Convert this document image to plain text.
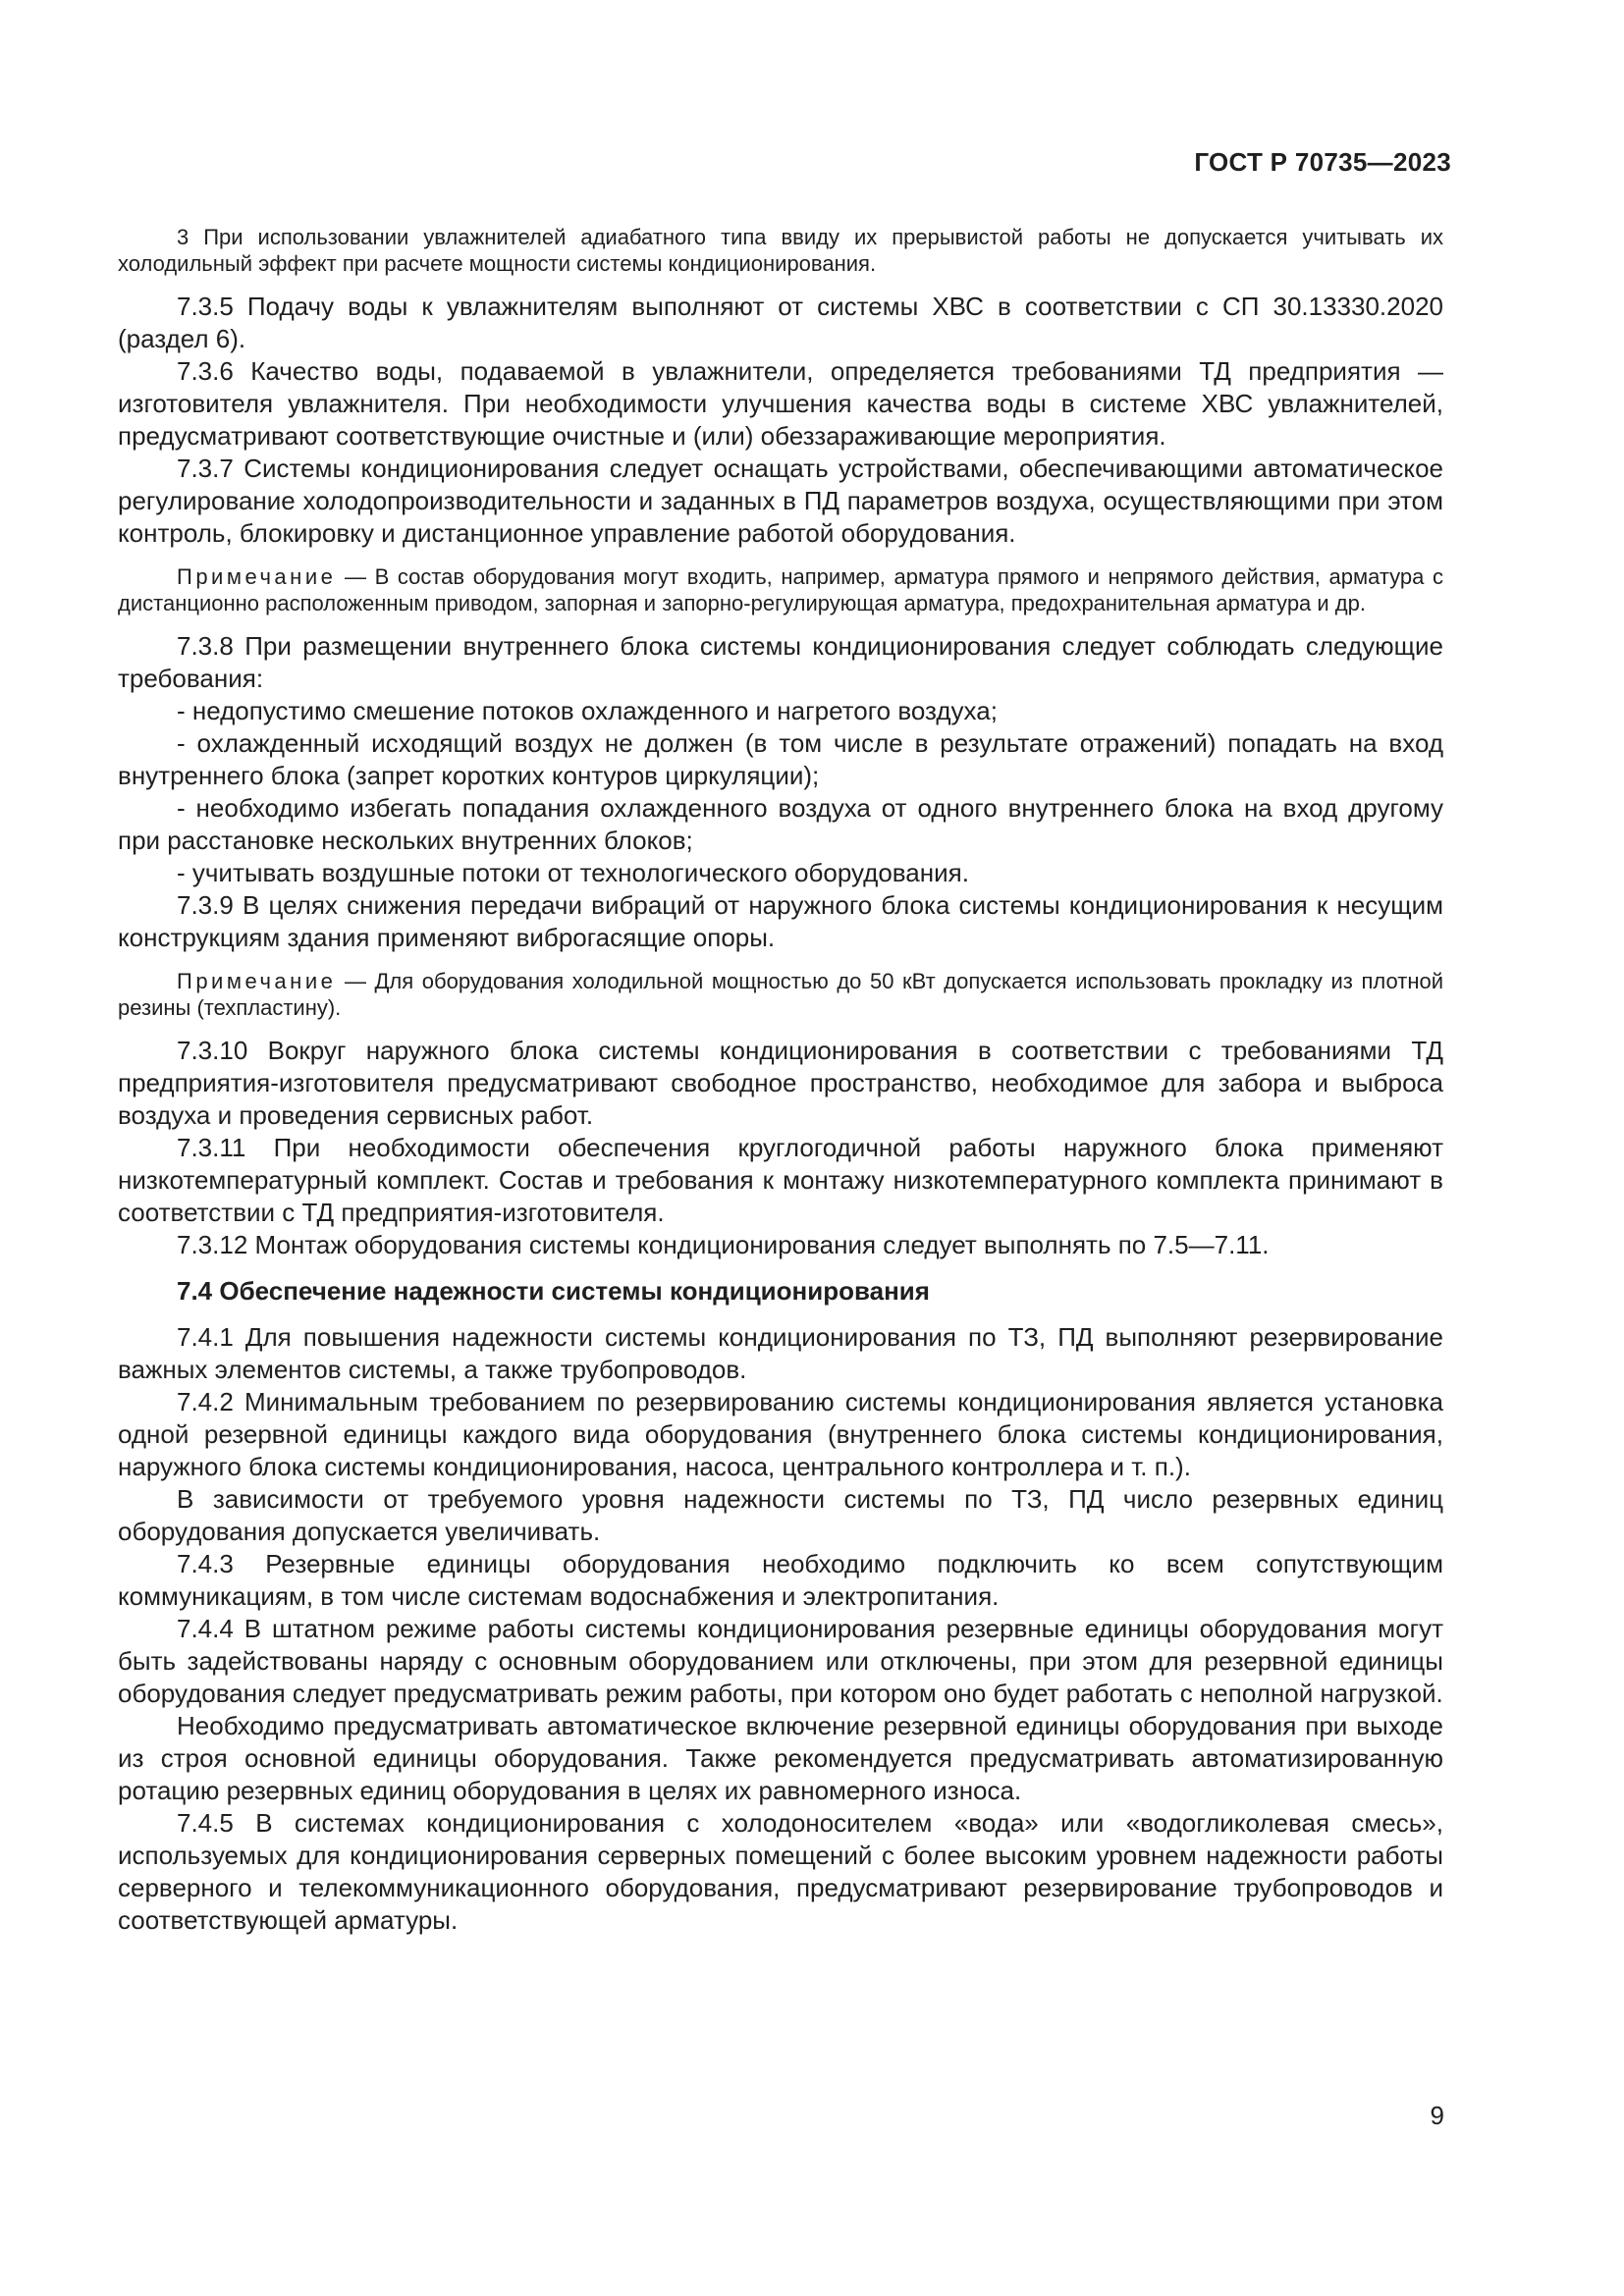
ГОСТ Р 70735—2023

3 При использовании увлажнителей адиабатного типа ввиду их прерывистой работы не допускается учитывать их холодильный эффект при расчете мощности системы кондиционирования.

7.3.5 Подачу воды к увлажнителям выполняют от системы ХВС в соответствии с СП 30.13330.2020 (раздел 6).

7.3.6 Качество воды, подаваемой в увлажнители, определяется требованиями ТД предприятия — изготовителя увлажнителя. При необходимости улучшения качества воды в системе ХВС увлажнителей, предусматривают соответствующие очистные и (или) обеззараживающие мероприятия.

7.3.7 Системы кондиционирования следует оснащать устройствами, обеспечивающими автоматическое регулирование холодопроизводительности и заданных в ПД параметров воздуха, осуществляющими при этом контроль, блокировку и дистанционное управление работой оборудования.

Примечание — В состав оборудования могут входить, например, арматура прямого и непрямого действия, арматура с дистанционно расположенным приводом, запорная и запорно-регулирующая арматура, предохранительная арматура и др.

7.3.8 При размещении внутреннего блока системы кондиционирования следует соблюдать следующие требования:

- недопустимо смешение потоков охлажденного и нагретого воздуха;

- охлажденный исходящий воздух не должен (в том числе в результате отражений) попадать на вход внутреннего блока (запрет коротких контуров циркуляции);

- необходимо избегать попадания охлажденного воздуха от одного внутреннего блока на вход другому при расстановке нескольких внутренних блоков;

- учитывать воздушные потоки от технологического оборудования.

7.3.9 В целях снижения передачи вибраций от наружного блока системы кондиционирования к несущим конструкциям здания применяют виброгасящие опоры.

Примечание — Для оборудования холодильной мощностью до 50 кВт допускается использовать прокладку из плотной резины (техпластину).

7.3.10 Вокруг наружного блока системы кондиционирования в соответствии с требованиями ТД предприятия-изготовителя предусматривают свободное пространство, необходимое для забора и выброса воздуха и проведения сервисных работ.

7.3.11 При необходимости обеспечения круглогодичной работы наружного блока применяют низкотемпературный комплект. Состав и требования к монтажу низкотемпературного комплекта принимают в соответствии с ТД предприятия-изготовителя.

7.3.12 Монтаж оборудования системы кондиционирования следует выполнять по 7.5—7.11.

7.4 Обеспечение надежности системы кондиционирования

7.4.1 Для повышения надежности системы кондиционирования по ТЗ, ПД выполняют резервирование важных элементов системы, а также трубопроводов.

7.4.2 Минимальным требованием по резервированию системы кондиционирования является установка одной резервной единицы каждого вида оборудования (внутреннего блока системы кондиционирования, наружного блока системы кондиционирования, насоса, центрального контроллера и т. п.).

В зависимости от требуемого уровня надежности системы по ТЗ, ПД число резервных единиц оборудования допускается увеличивать.

7.4.3 Резервные единицы оборудования необходимо подключить ко всем сопутствующим коммуникациям, в том числе системам водоснабжения и электропитания.

7.4.4 В штатном режиме работы системы кондиционирования резервные единицы оборудования могут быть задействованы наряду с основным оборудованием или отключены, при этом для резервной единицы оборудования следует предусматривать режим работы, при котором оно будет работать с неполной нагрузкой.

Необходимо предусматривать автоматическое включение резервной единицы оборудования при выходе из строя основной единицы оборудования. Также рекомендуется предусматривать автоматизированную ротацию резервных единиц оборудования в целях их равномерного износа.

7.4.5 В системах кондиционирования с холодоносителем «вода» или «водогликолевая смесь», используемых для кондиционирования серверных помещений с более высоким уровнем надежности работы серверного и телекоммуникационного оборудования, предусматривают резервирование трубопроводов и соответствующей арматуры.

9
